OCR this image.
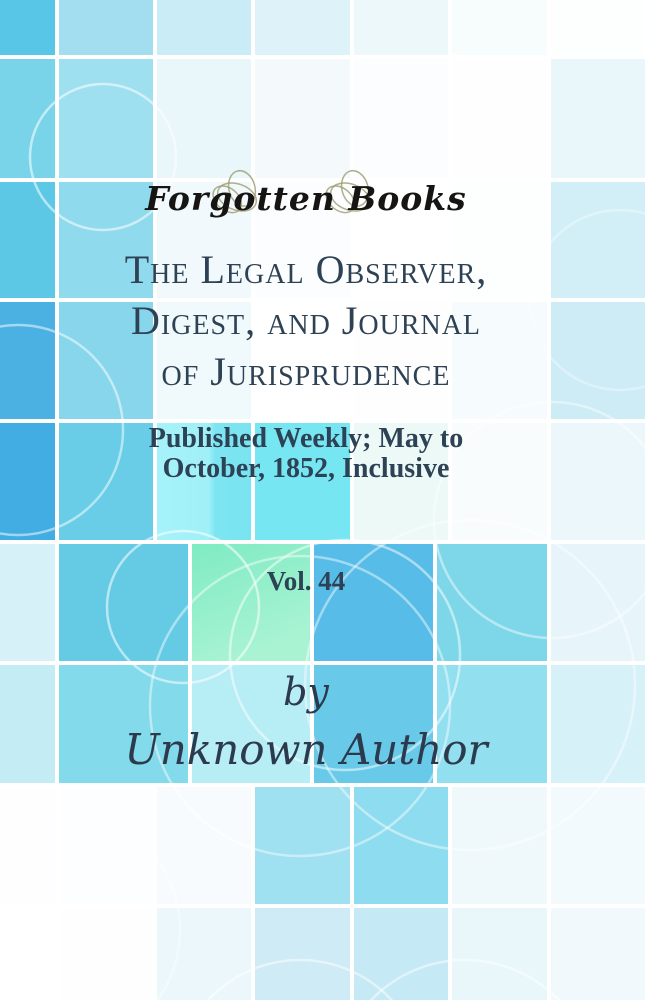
Forgotten Books
The Legal Observer,
Digest, and Journal
of Jurisprudence
Published Weekly; May to
October, 1852, Inclusive
Vol. 44
by
Unknown Author
